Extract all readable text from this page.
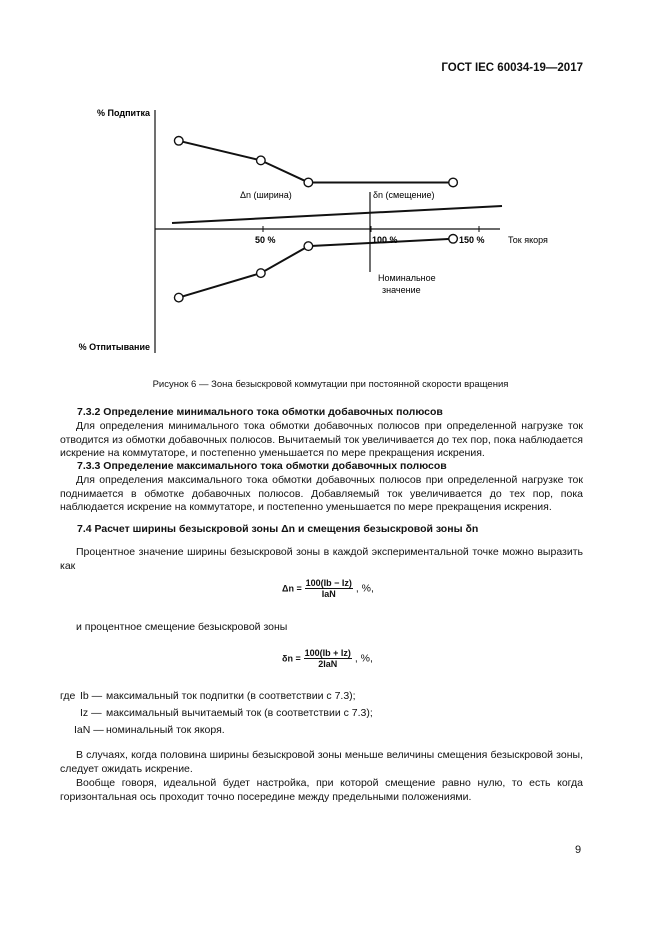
ГОСТ IEC 60034-19—2017
% Подпитка
% Отпитывание
Ток якоря
50 %	100 %	150 %
Δn (ширина)	δn (смещение)
Номинальное
значение
Рисунок 6 — Зона безыскровой коммутации при постоянной скорости вращения
7.3.2 Определение минимального тока обмотки добавочных полюсов

Для определения минимального тока обмотки добавочных полюсов при определенной нагрузке ток отводится из обмотки добавочных полюсов. Вычитаемый ток увеличивается до тех пор, пока наблюдается искрение на коммутаторе, и постепенно уменьшается по мере прекращения искрения.

7.3.3 Определение максимального тока обмотки добавочных полюсов

Для определения максимального тока обмотки добавочных полюсов при определенной нагрузке ток поднимается в обмотке добавочных полюсов. Добавляемый ток увеличивается до тех пор, пока наблюдается искрение на коммутаторе, и постепенно уменьшается по мере прекращения искрения.

7.4 Расчет ширины безыскровой зоны Δn и смещения безыскровой зоны δn

Процентное значение ширины безыскровой зоны в каждой экспериментальной точке можно выразить как

$\Delta n = \frac{100(Ib - Iz)}{\text{IaN}}$ , %,
и процентное смещение безыскровой зоны
$\delta n = \frac{100(Ib + Iz)}{\text{2IaN}}$ , %,
где Ib — максимальный ток подпитки (в соответствии с 7.3);
Iz — максимальный вычитаемый ток (в соответствии с 7.3);
IaN — номинальный ток якоря.

В случаях, когда половина ширины безыскровой зоны меньше величины смещения безыскровой зоны, следует ожидать искрение.

Вообще говоря, идеальной будет настройка, при которой смещение равно нулю, то есть когда горизонтальная ось проходит точно посередине между предельными положениями.

9
